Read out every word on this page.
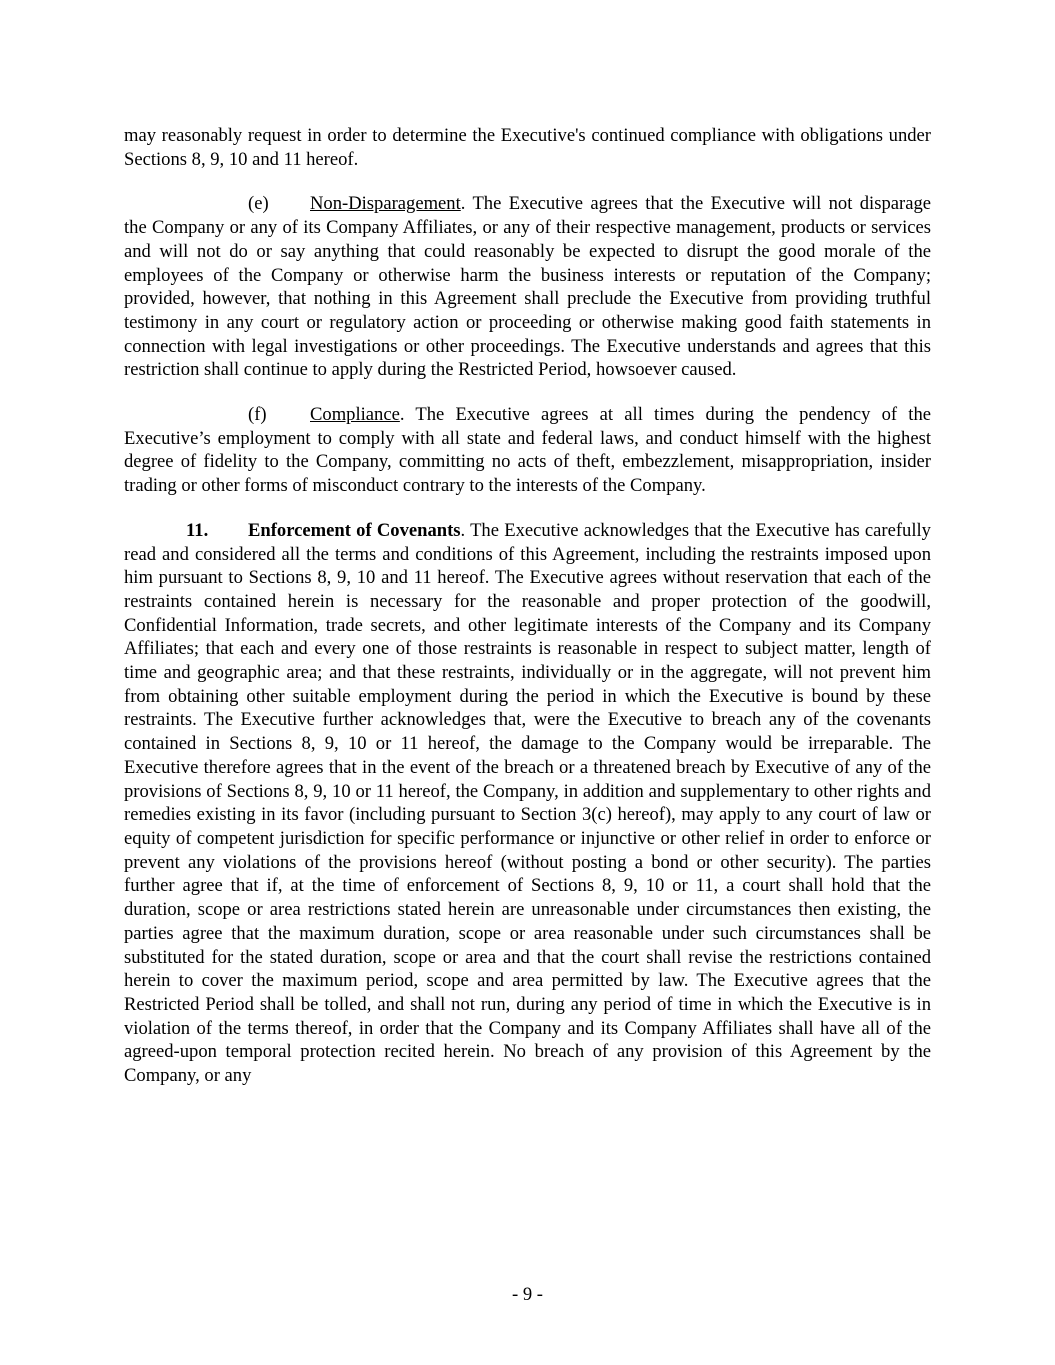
may reasonably request in order to determine the Executive's continued compliance with obligations under Sections 8, 9, 10 and 11 hereof.

(e) Non-Disparagement. The Executive agrees that the Executive will not disparage the Company or any of its Company Affiliates, or any of their respective management, products or services and will not do or say anything that could reasonably be expected to disrupt the good morale of the employees of the Company or otherwise harm the business interests or reputation of the Company; provided, however, that nothing in this Agreement shall preclude the Executive from providing truthful testimony in any court or regulatory action or proceeding or otherwise making good faith statements in connection with legal investigations or other proceedings. The Executive understands and agrees that this restriction shall continue to apply during the Restricted Period, howsoever caused.

(f) Compliance. The Executive agrees at all times during the pendency of the Executive’s employment to comply with all state and federal laws, and conduct himself with the highest degree of fidelity to the Company, committing no acts of theft, embezzlement, misappropriation, insider trading or other forms of misconduct contrary to the interests of the Company.

11. Enforcement of Covenants. The Executive acknowledges that the Executive has carefully read and considered all the terms and conditions of this Agreement, including the restraints imposed upon him pursuant to Sections 8, 9, 10 and 11 hereof. The Executive agrees without reservation that each of the restraints contained herein is necessary for the reasonable and proper protection of the goodwill, Confidential Information, trade secrets, and other legitimate interests of the Company and its Company Affiliates; that each and every one of those restraints is reasonable in respect to subject matter, length of time and geographic area; and that these restraints, individually or in the aggregate, will not prevent him from obtaining other suitable employment during the period in which the Executive is bound by these restraints. The Executive further acknowledges that, were the Executive to breach any of the covenants contained in Sections 8, 9, 10 or 11 hereof, the damage to the Company would be irreparable. The Executive therefore agrees that in the event of the breach or a threatened breach by Executive of any of the provisions of Sections 8, 9, 10 or 11 hereof, the Company, in addition and supplementary to other rights and remedies existing in its favor (including pursuant to Section 3(c) hereof), may apply to any court of law or equity of competent jurisdiction for specific performance or injunctive or other relief in order to enforce or prevent any violations of the provisions hereof (without posting a bond or other security). The parties further agree that if, at the time of enforcement of Sections 8, 9, 10 or 11, a court shall hold that the duration, scope or area restrictions stated herein are unreasonable under circumstances then existing, the parties agree that the maximum duration, scope or area reasonable under such circumstances shall be substituted for the stated duration, scope or area and that the court shall revise the restrictions contained herein to cover the maximum period, scope and area permitted by law. The Executive agrees that the Restricted Period shall be tolled, and shall not run, during any period of time in which the Executive is in violation of the terms thereof, in order that the Company and its Company Affiliates shall have all of the agreed-upon temporal protection recited herein. No breach of any provision of this Agreement by the Company, or any

- 9 -
